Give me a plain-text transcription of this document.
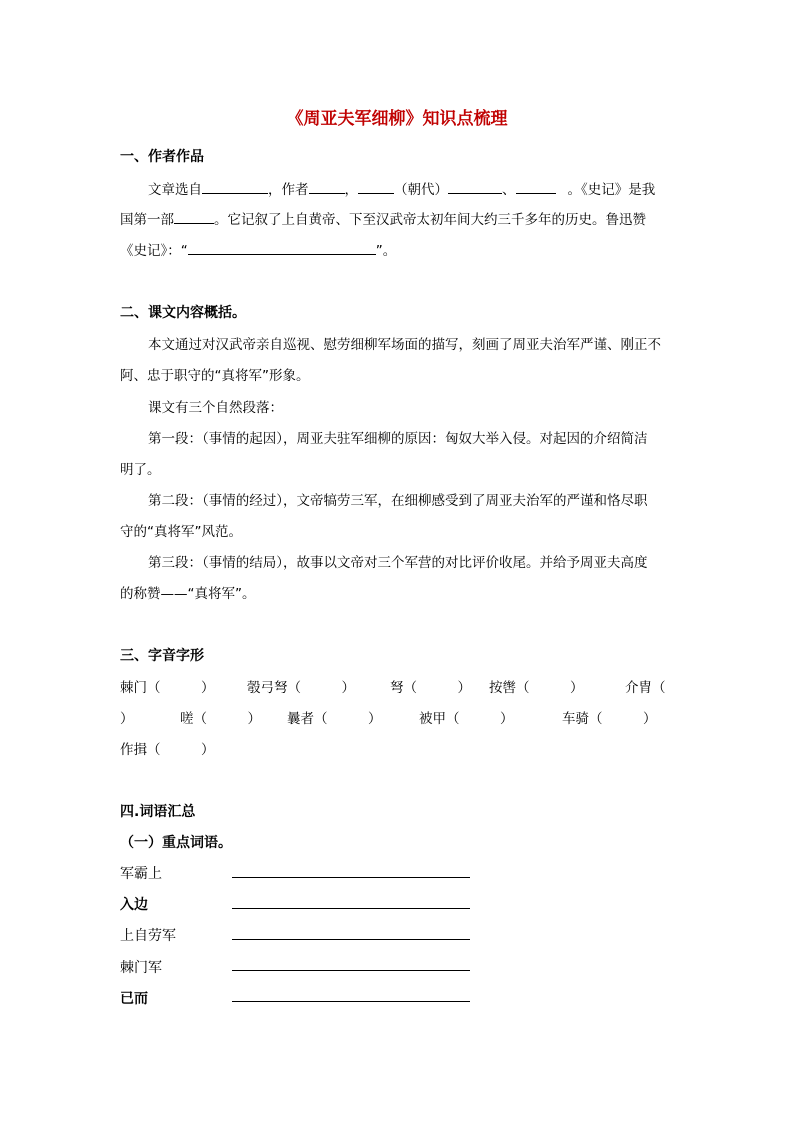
《周亚夫军细柳》知识点梳理
一、作者作品
文章选自	，作者	，	（朝代）	、	。《史记》是我
国第一部	。它记叙了上自黄帝、下至汉武帝太初年间大约三千多年的历史。鲁迅赞
《史记》：“	”。
二、课文内容概括。
本文通过对汉武帝亲自巡视、慰劳细柳军场面的描写，刻画了周亚夫治军严谨、刚正不
阿、忠于职守的“真将军”形象。
课文有三个自然段落：
第一段：（事情的起因），周亚夫驻军细柳的原因：匈奴大举入侵。对起因的介绍简洁
明了。
第二段：（事情的经过），文帝犒劳三军，在细柳感受到了周亚夫治军的严谨和恪尽职
守的“真将军”风范。
第三段：（事情的结局），故事以文帝对三个军营的对比评价收尾。并给予周亚夫高度
的称赞——“真将军”。
三、字音字形
棘门（　　　） 彀弓弩（　　　）	弩（　　　） 按辔（　　　）	介胄（
）	嗟（　　　） 曩者（　　　）	被甲（　　　）	车骑（　　　）
作揖（　　　）
四.词语汇总
（一）重点词语。
军霸上
入边
上自劳军
棘门军
已而
